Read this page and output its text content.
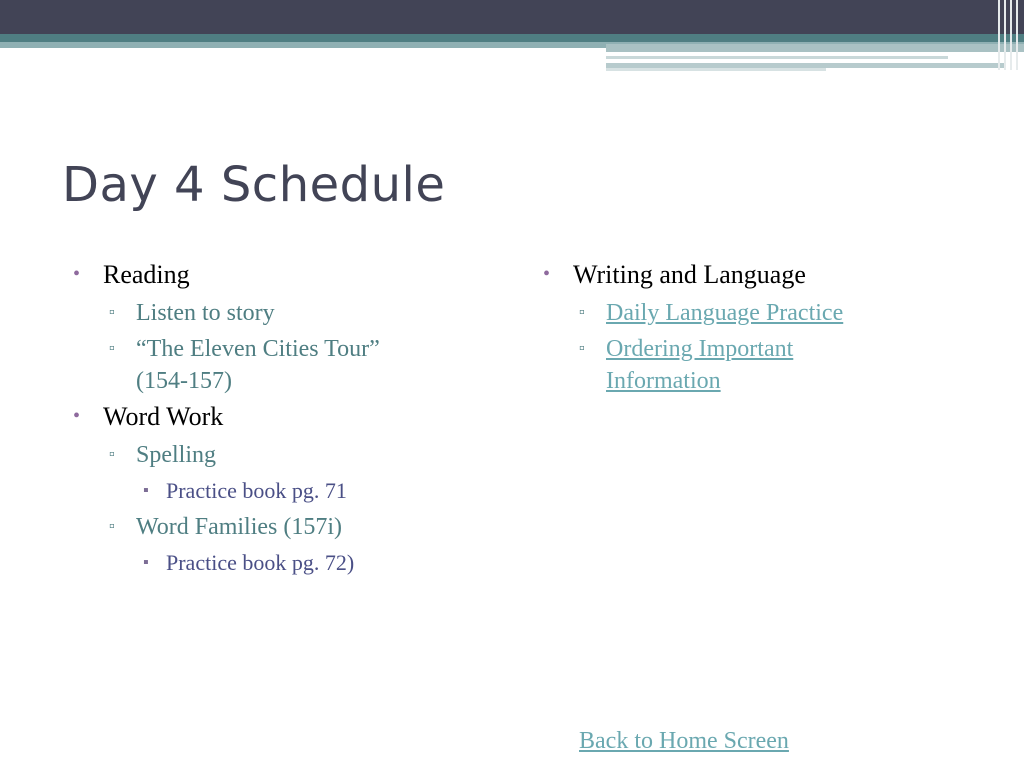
Day 4 Schedule
• Reading
▫ Listen to story
▫ “The Eleven Cities Tour”
(154-157)
• Word Work
▫ Spelling
▪ Practice book pg. 71
▫ Word Families (157i)
▪ Practice book pg. 72)
• Writing and Language
▫ Daily Language Practice
▫ Ordering Important
Information
Back to Home Screen
